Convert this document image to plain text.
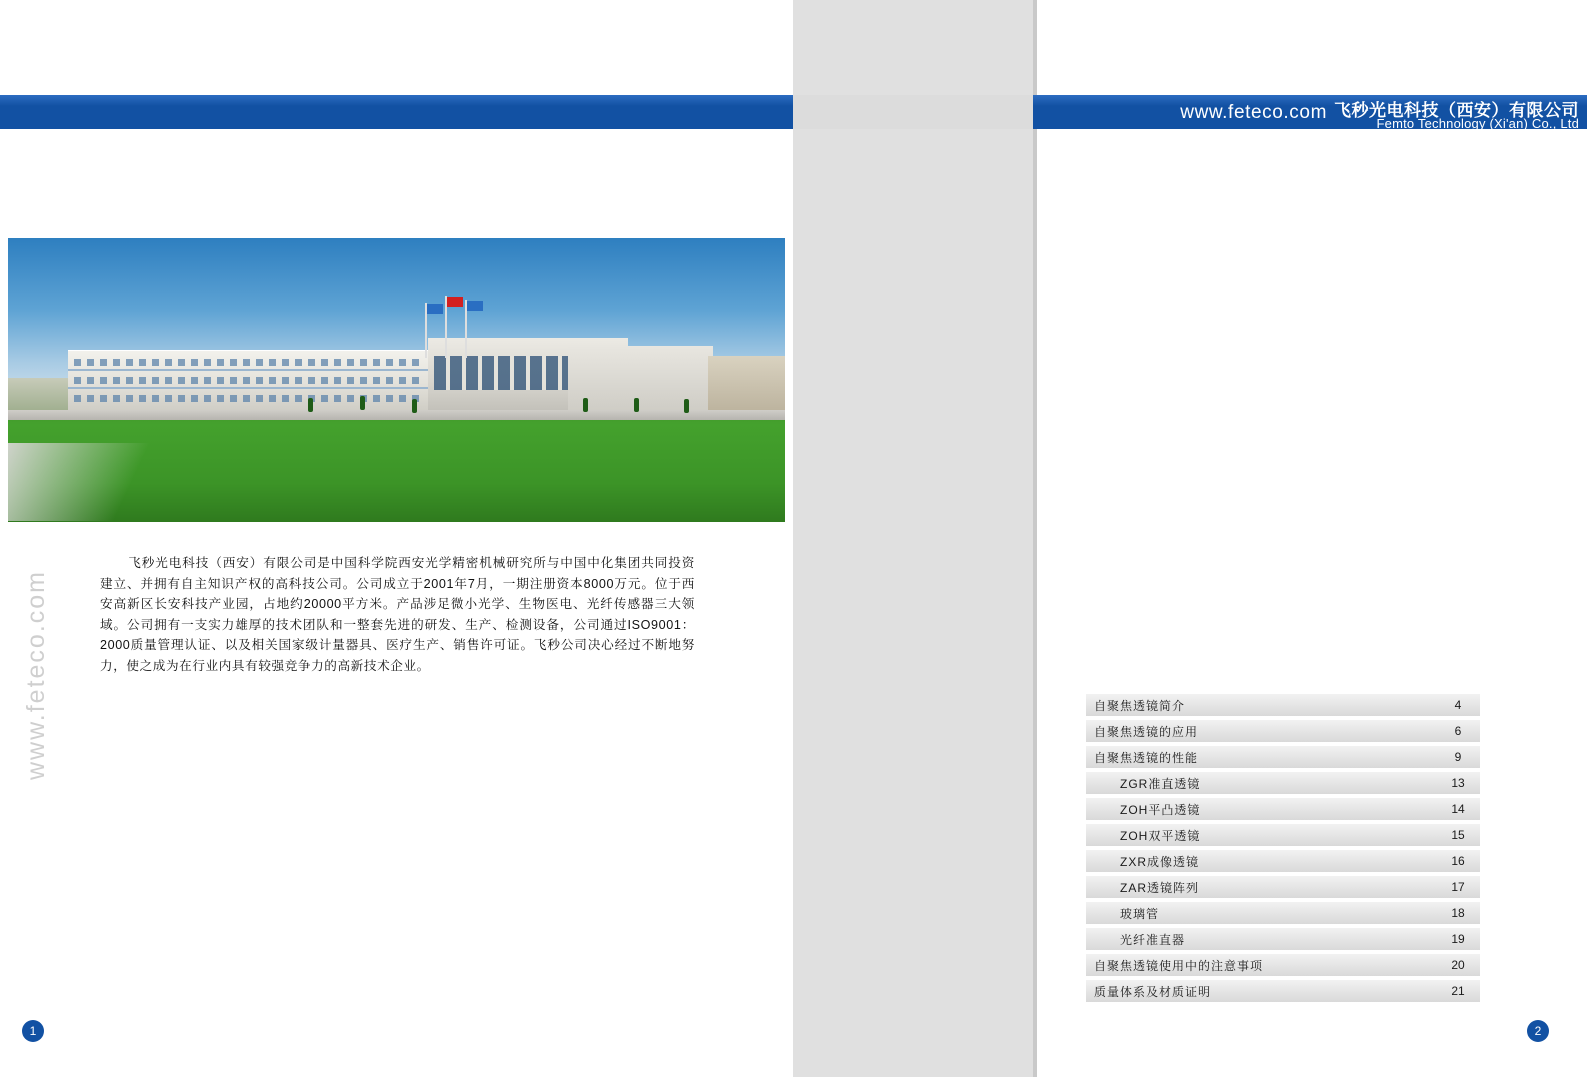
www.feteco.com 飞秒光电科技（西安）有限公司
Femto Technology (Xi'an) Co., Ltd
飞秒光电科技（西安）有限公司是中国科学院西安光学精密机械研究所与中国中化集团共同投资建立、并拥有自主知识产权的高科技公司。公司成立于2001年7月，一期注册资本8000万元。位于西安高新区长安科技产业园，占地约20000平方米。产品涉足微小光学、生物医电、光纤传感器三大领域。公司拥有一支实力雄厚的技术团队和一整套先进的研发、生产、检测设备，公司通过ISO9001：2000质量管理认证、以及相关国家级计量器具、医疗生产、销售许可证。飞秒公司决心经过不断地努力，使之成为在行业内具有较强竞争力的高新技术企业。
www.feteco.com
1	2
自聚焦透镜简介	4
自聚焦透镜的应用	6
自聚焦透镜的性能	9
ZGR准直透镜	13
ZOH平凸透镜	14
ZOH双平透镜	15
ZXR成像透镜	16
ZAR透镜阵列	17
玻璃管	18
光纤准直器	19
自聚焦透镜使用中的注意事项	20
质量体系及材质证明	21
